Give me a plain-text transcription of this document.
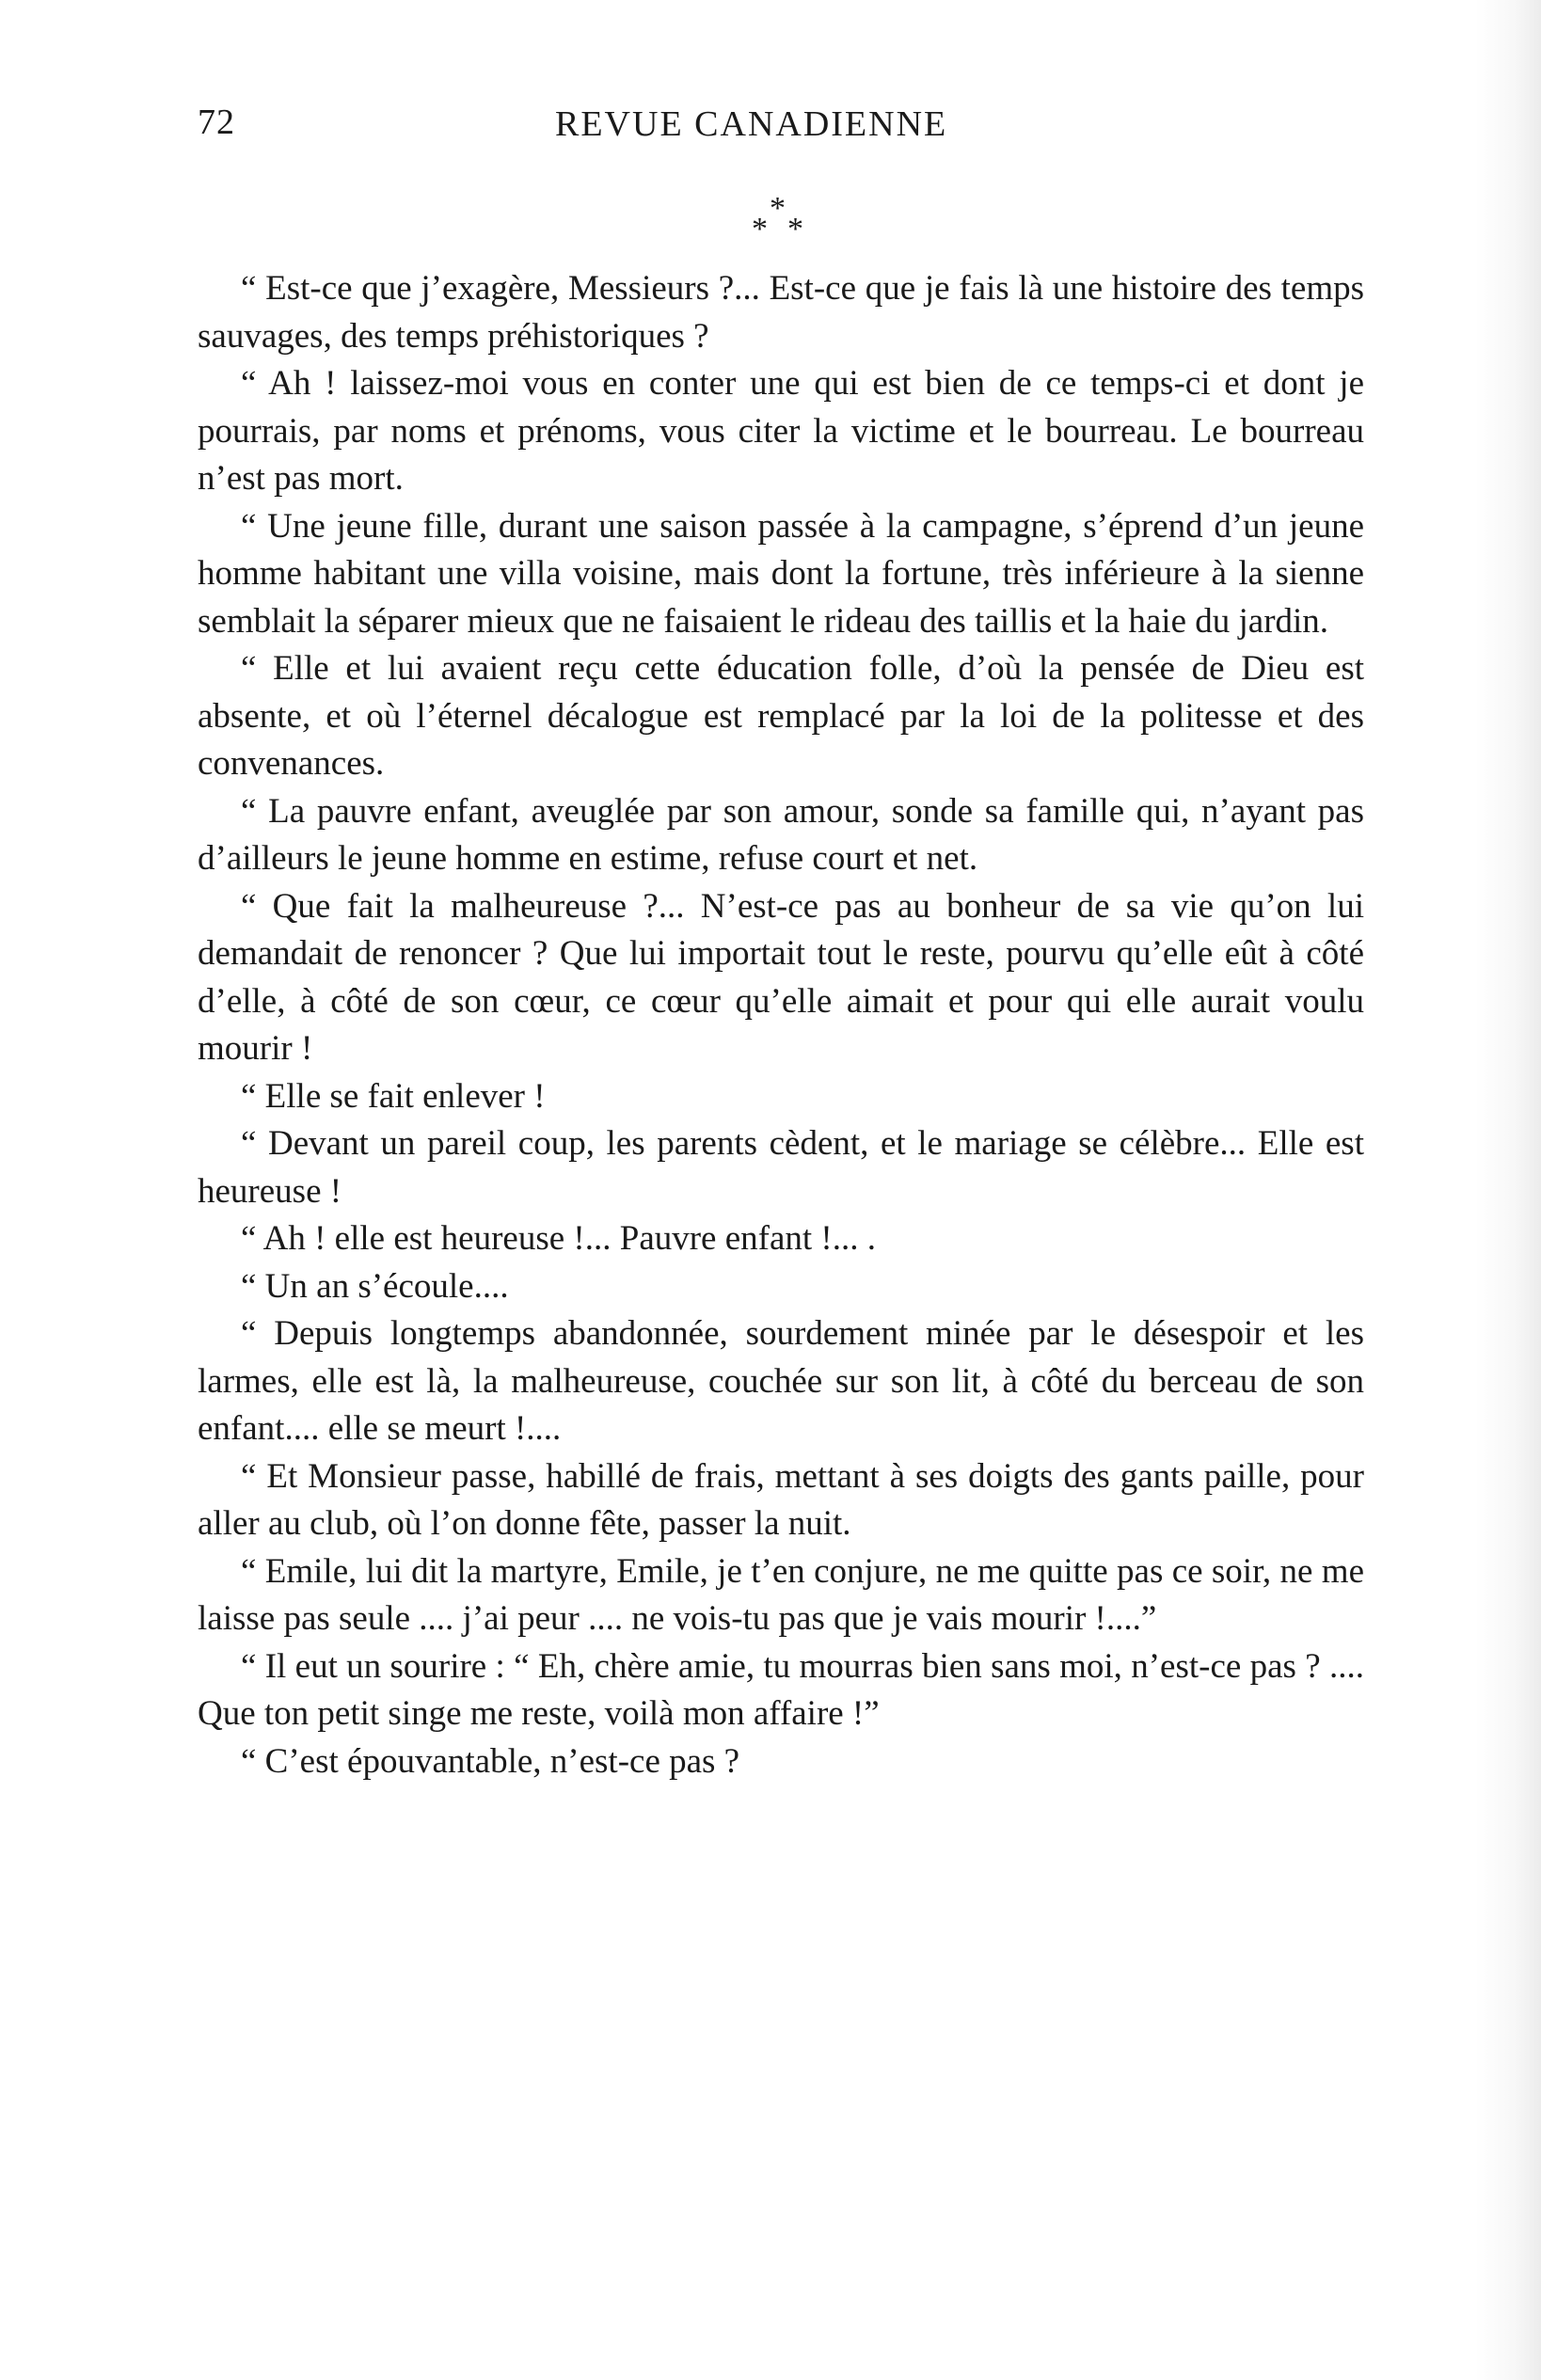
72	REVUE CANADIENNE
*
* *

“ Est-ce que j’exagère, Messieurs ?... Est-ce que je fais là une histoire des temps sauvages, des temps préhistoriques ?

“ Ah ! laissez-moi vous en conter une qui est bien de ce temps-ci et dont je pourrais, par noms et prénoms, vous citer la victime et le bourreau. Le bourreau n’est pas mort.

“ Une jeune fille, durant une saison passée à la campagne, s’éprend d’un jeune homme habitant une villa voisine, mais dont la fortune, très inférieure à la sienne semblait la séparer mieux que ne faisaient le rideau des taillis et la haie du jardin.

“ Elle et lui avaient reçu cette éducation folle, d’où la pensée de Dieu est absente, et où l’éternel décalogue est remplacé par la loi de la politesse et des convenances.

“ La pauvre enfant, aveuglée par son amour, sonde sa famille qui, n’ayant pas d’ailleurs le jeune homme en estime, refuse court et net.

“ Que fait la malheureuse ?... N’est-ce pas au bonheur de sa vie qu’on lui demandait de renoncer ? Que lui importait tout le reste, pourvu qu’elle eût à côté d’elle, à côté de son cœur, ce cœur qu’elle aimait et pour qui elle aurait voulu mourir !

“ Elle se fait enlever !

“ Devant un pareil coup, les parents cèdent, et le mariage se célèbre... Elle est heureuse !

“ Ah ! elle est heureuse !... Pauvre enfant !... .

“ Un an s’écoule....

“ Depuis longtemps abandonnée, sourdement minée par le désespoir et les larmes, elle est là, la malheureuse, couchée sur son lit, à côté du berceau de son enfant.... elle se meurt !....

“ Et Monsieur passe, habillé de frais, mettant à ses doigts des gants paille, pour aller au club, où l’on donne fête, passer la nuit.

“ Emile, lui dit la martyre, Emile, je t’en conjure, ne me quitte pas ce soir, ne me laisse pas seule .... j’ai peur .... ne vois-tu pas que je vais mourir !....”

“ Il eut un sourire : “ Eh, chère amie, tu mourras bien sans moi, n’est-ce pas ? .... Que ton petit singe me reste, voilà mon affaire !”

“ C’est épouvantable, n’est-ce pas ?
